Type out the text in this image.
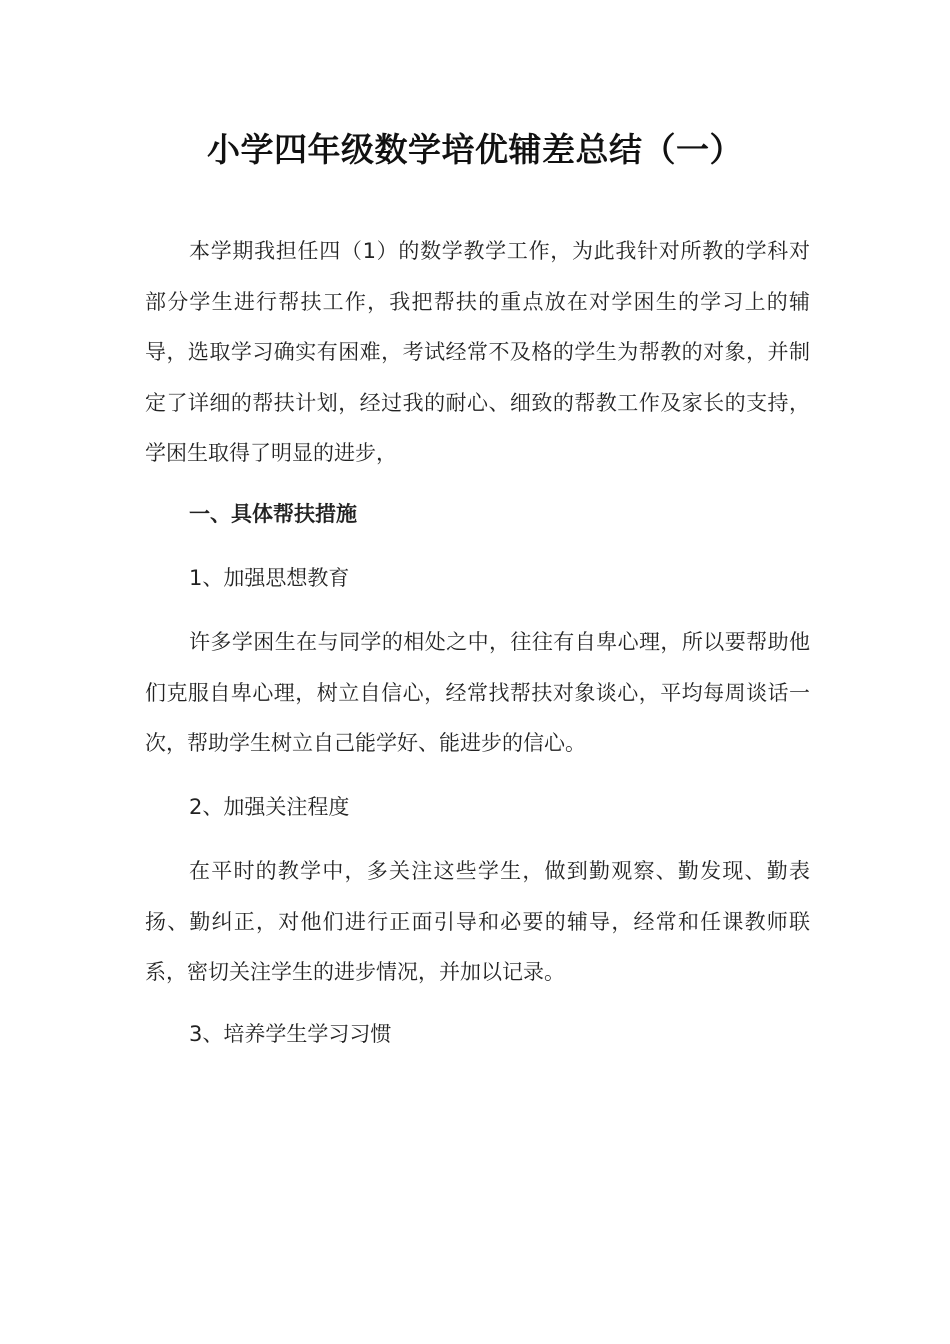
小学四年级数学培优辅差总结（一）

本学期我担任四（1）的数学教学工作，为此我针对所教的学科对部分学生进行帮扶工作，我把帮扶的重点放在对学困生的学习上的辅导，选取学习确实有困难，考试经常不及格的学生为帮教的对象，并制定了详细的帮扶计划，经过我的耐心、细致的帮教工作及家长的支持，学困生取得了明显的进步，

一、具体帮扶措施

1、加强思想教育

许多学困生在与同学的相处之中，往往有自卑心理，所以要帮助他们克服自卑心理，树立自信心，经常找帮扶对象谈心，平均每周谈话一次，帮助学生树立自己能学好、能进步的信心。

2、加强关注程度

在平时的教学中，多关注这些学生，做到勤观察、勤发现、勤表扬、勤纠正，对他们进行正面引导和必要的辅导，经常和任课教师联系，密切关注学生的进步情况，并加以记录。

3、培养学生学习习惯
